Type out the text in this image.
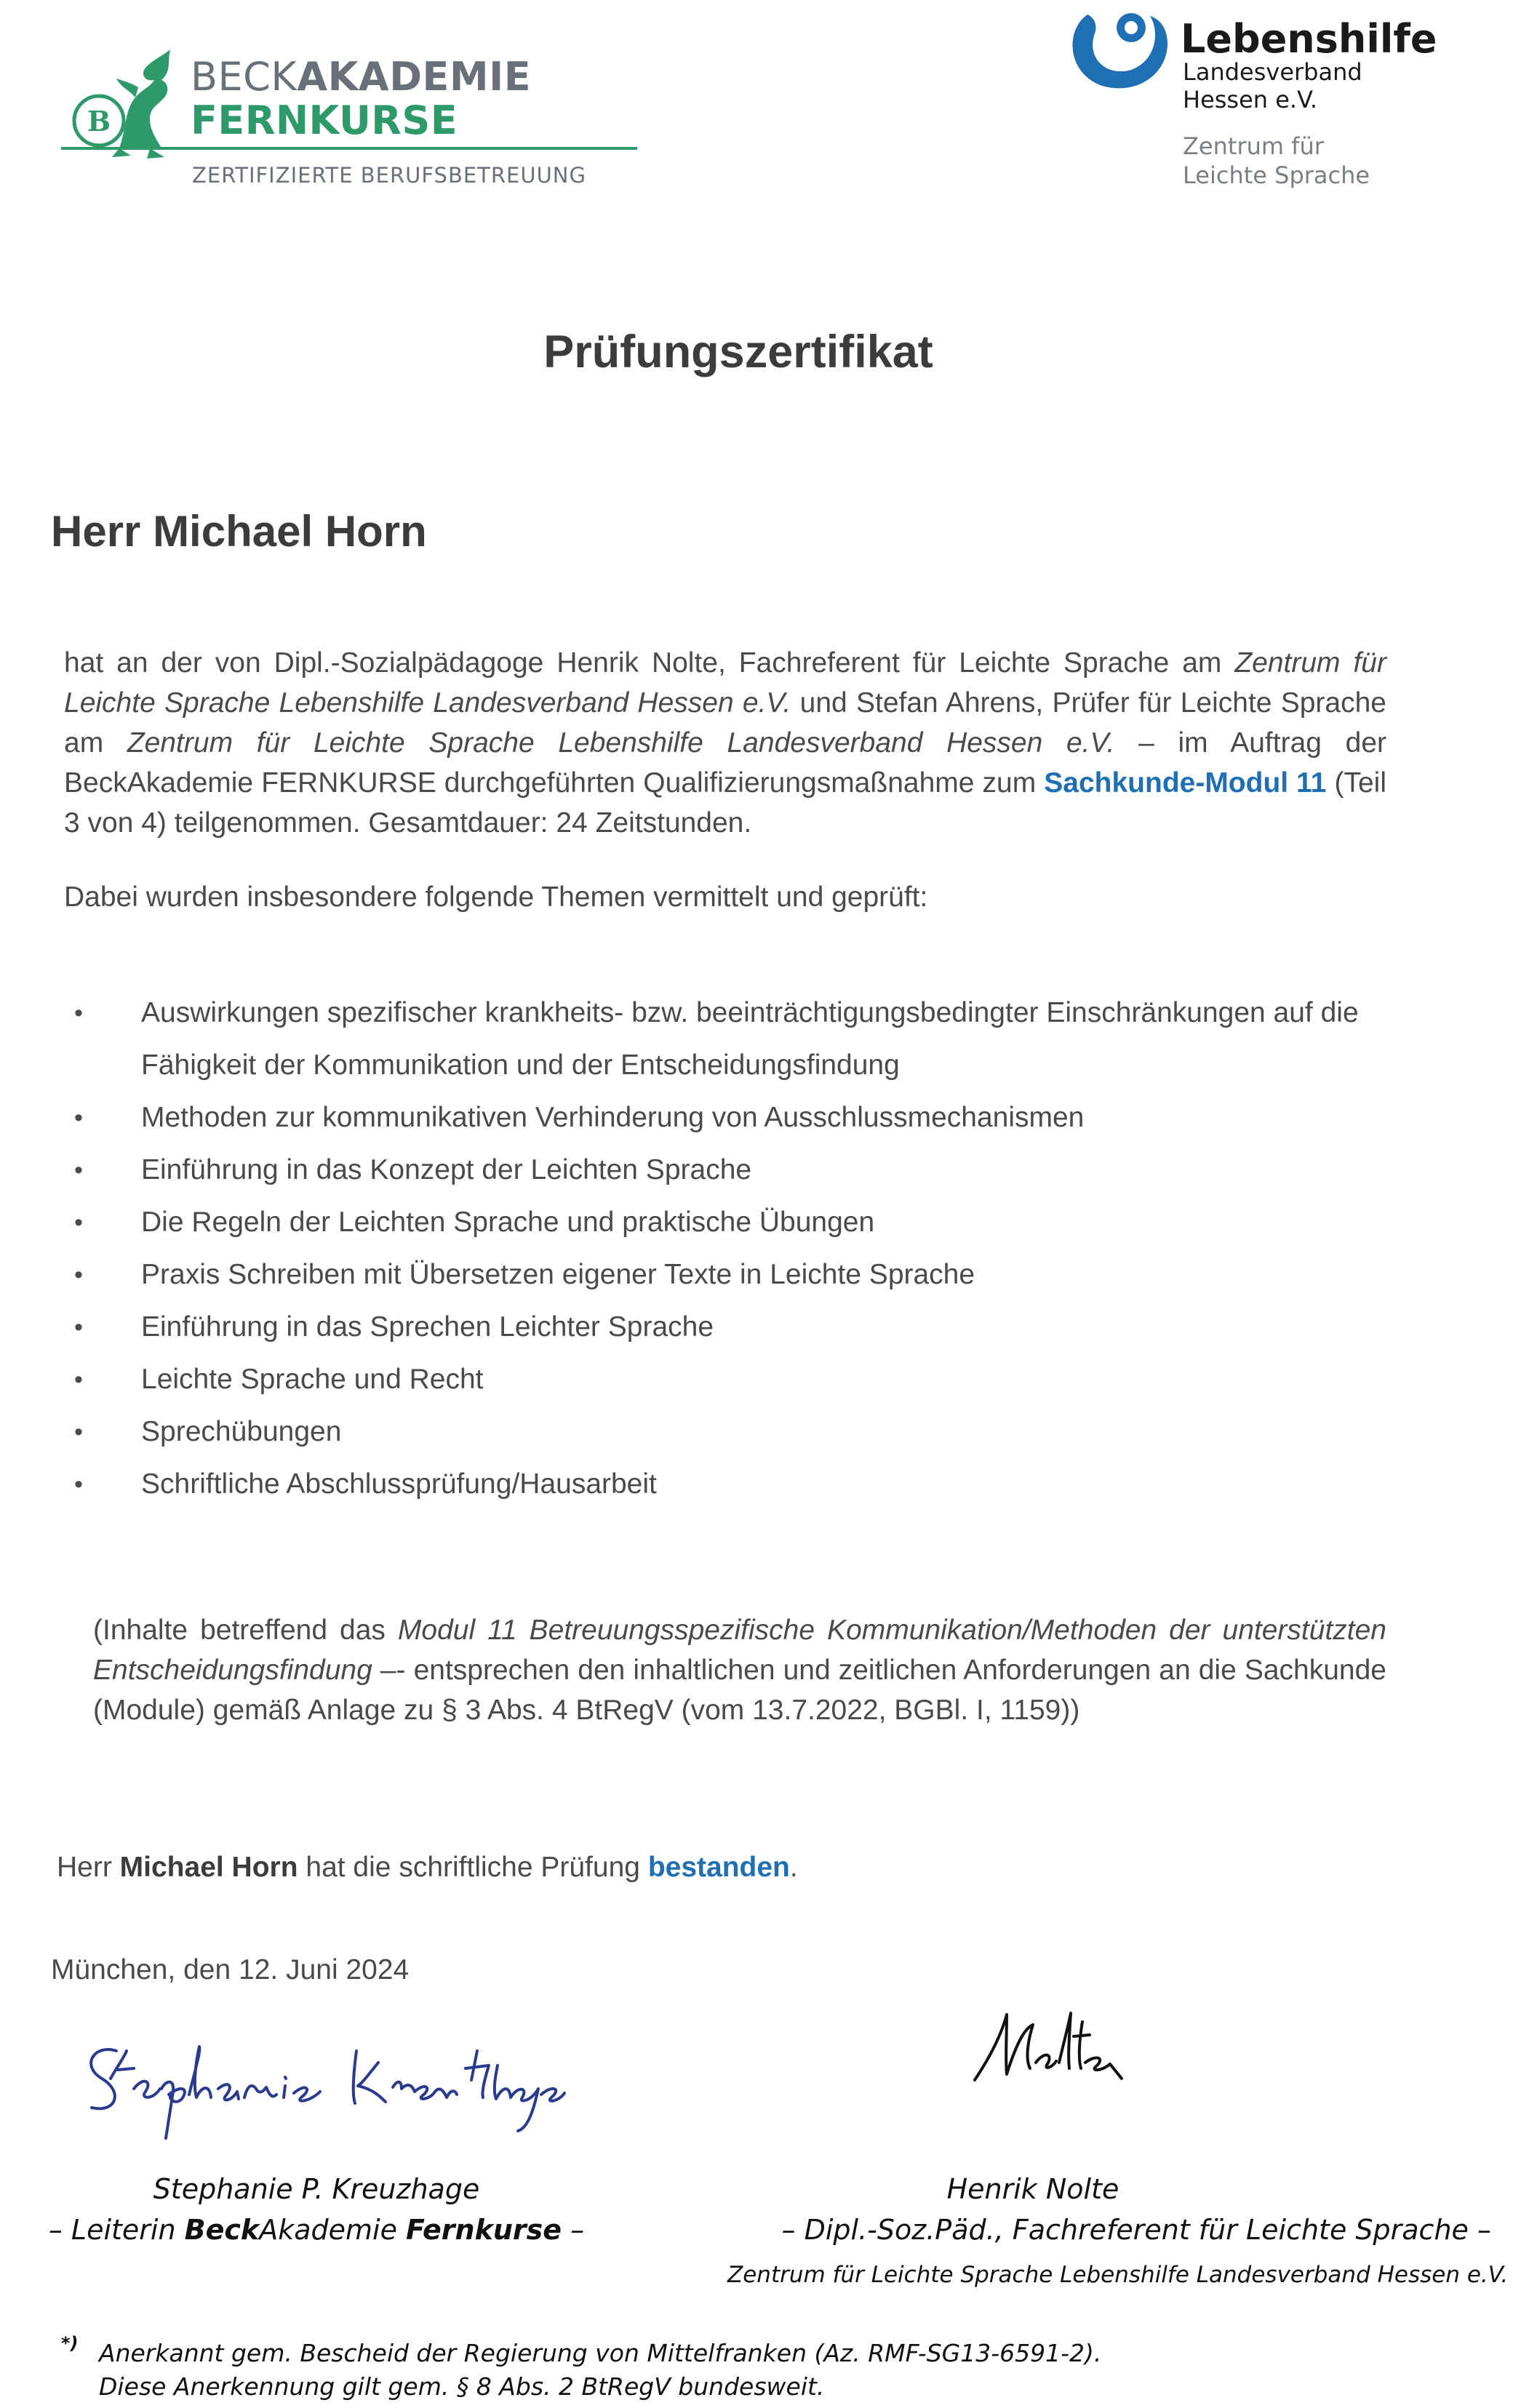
B
BECKAKADEMIE
FERNKURSE
ZERTIFIZIERTE BERUFSBETREUUNG
Lebenshilfe
Landesverband
Hessen e.V.
Zentrum für
Leichte Sprache
Prüfungszertifikat
Herr Michael Horn
hat an der von Dipl.-Sozialpädagoge Henrik Nolte, Fachreferent für Leichte Sprache am Zentrum für Leichte Sprache Lebenshilfe Landesverband Hessen e.V. und Stefan Ahrens, Prüfer für Leichte Sprache am Zentrum für Leichte Sprache Lebenshilfe Landesverband Hessen e.V. – im Auftrag der BeckAkademie FERNKURSE durchgeführten Qualifizierungsmaßnahme zum Sachkunde-Modul 11 (Teil 3 von 4) teilgenommen. Gesamtdauer: 24 Zeitstunden.
Dabei wurden insbesondere folgende Themen vermittelt und geprüft:
• Auswirkungen spezifischer krankheits- bzw. beeinträchtigungsbedingter Einschränkungen auf die Fähigkeit der Kommunikation und der Entscheidungsfindung
• Methoden zur kommunikativen Verhinderung von Ausschlussmechanismen
• Einführung in das Konzept der Leichten Sprache
• Die Regeln der Leichten Sprache und praktische Übungen
• Praxis Schreiben mit Übersetzen eigener Texte in Leichte Sprache
• Einführung in das Sprechen Leichter Sprache
• Leichte Sprache und Recht
• Sprechübungen
• Schriftliche Abschlussprüfung/Hausarbeit
(Inhalte betreffend das Modul 11 Betreuungsspezifische Kommunikation/Methoden der unterstützten Entscheidungsfindung –- entsprechen den inhaltlichen und zeitlichen Anforderungen an die Sachkunde (Module) gemäß Anlage zu § 3 Abs. 4 BtRegV (vom 13.7.2022, BGBl. I, 1159))
Herr Michael Horn hat die schriftliche Prüfung bestanden.
München, den 12. Juni 2024
Stephanie P. Kreuzhage
– Leiterin BeckAkademie Fernkurse –
Henrik Nolte
– Dipl.-Soz.Päd., Fachreferent für Leichte Sprache –
Zentrum für Leichte Sprache Lebenshilfe Landesverband Hessen e.V.
*) Anerkannt gem. Bescheid der Regierung von Mittelfranken (Az. RMF-SG13-6591-2).
Diese Anerkennung gilt gem. § 8 Abs. 2 BtRegV bundesweit.
